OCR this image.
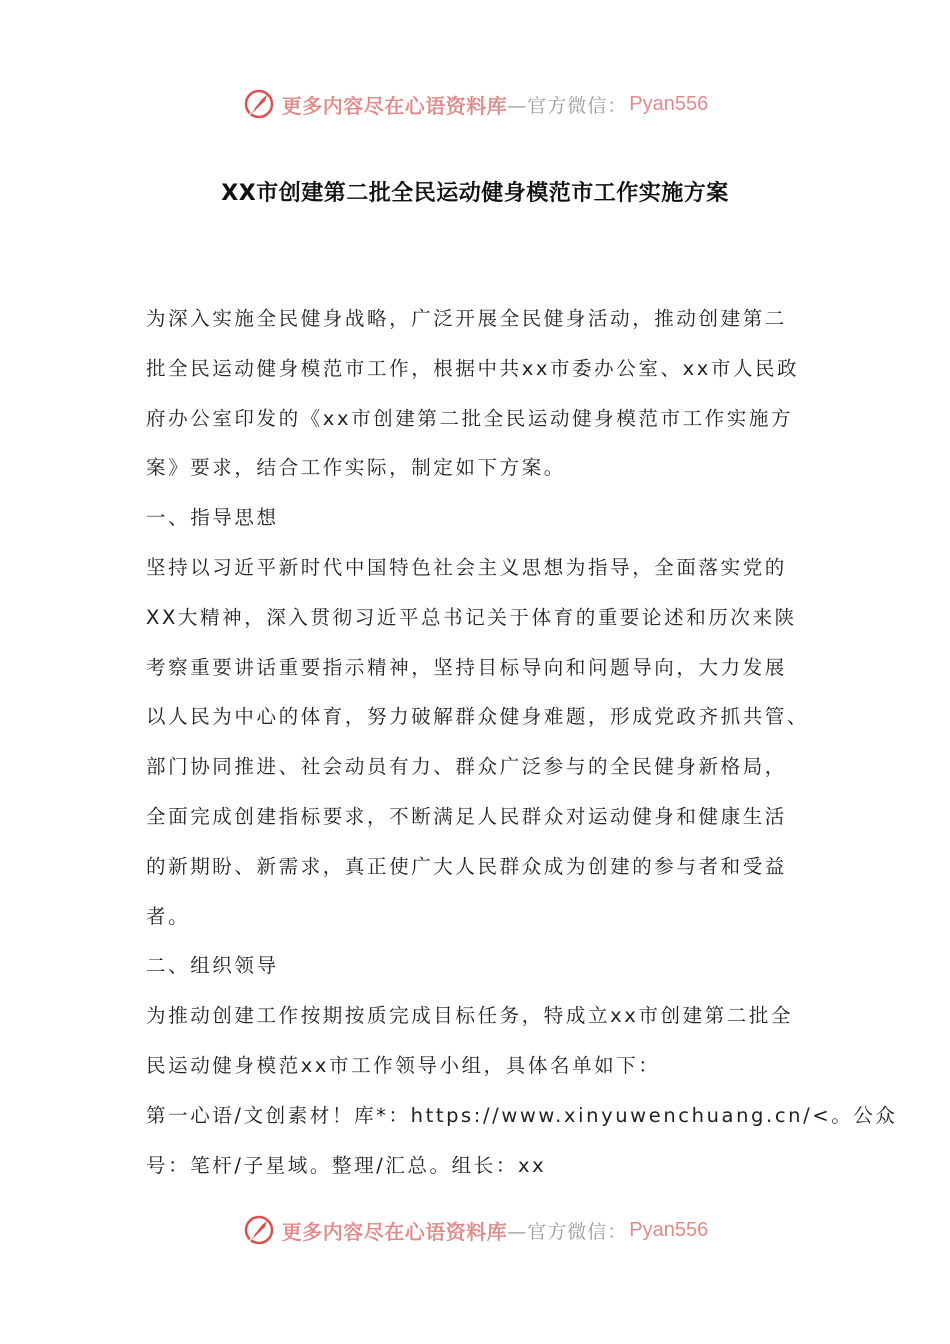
更多内容尽在心语资料库 —官方微信： Pyan556
XX市创建第二批全民运动健身模范市工作实施方案
为深入实施全民健身战略，广泛开展全民健身活动，推动创建第二
批全民运动健身模范市工作，根据中共xx市委办公室、xx市人民政
府办公室印发的《xx市创建第二批全民运动健身模范市工作实施方
案》要求，结合工作实际，制定如下方案。
一、指导思想
坚持以习近平新时代中国特色社会主义思想为指导，全面落实党的
XX大精神，深入贯彻习近平总书记关于体育的重要论述和历次来陕
考察重要讲话重要指示精神，坚持目标导向和问题导向，大力发展
以人民为中心的体育，努力破解群众健身难题，形成党政齐抓共管、
部门协同推进、社会动员有力、群众广泛参与的全民健身新格局，
全面完成创建指标要求，不断满足人民群众对运动健身和健康生活
的新期盼、新需求，真正使广大人民群众成为创建的参与者和受益
者。
二、组织领导
为推动创建工作按期按质完成目标任务，特成立xx市创建第二批全
民运动健身模范xx市工作领导小组，具体名单如下：
第一心语/文创素材！库*：https://www.xinyuwenchuang.cn/<。公众
号：笔杆/子星域。整理/汇总。组长：xx
更多内容尽在心语资料库 —官方微信： Pyan556
